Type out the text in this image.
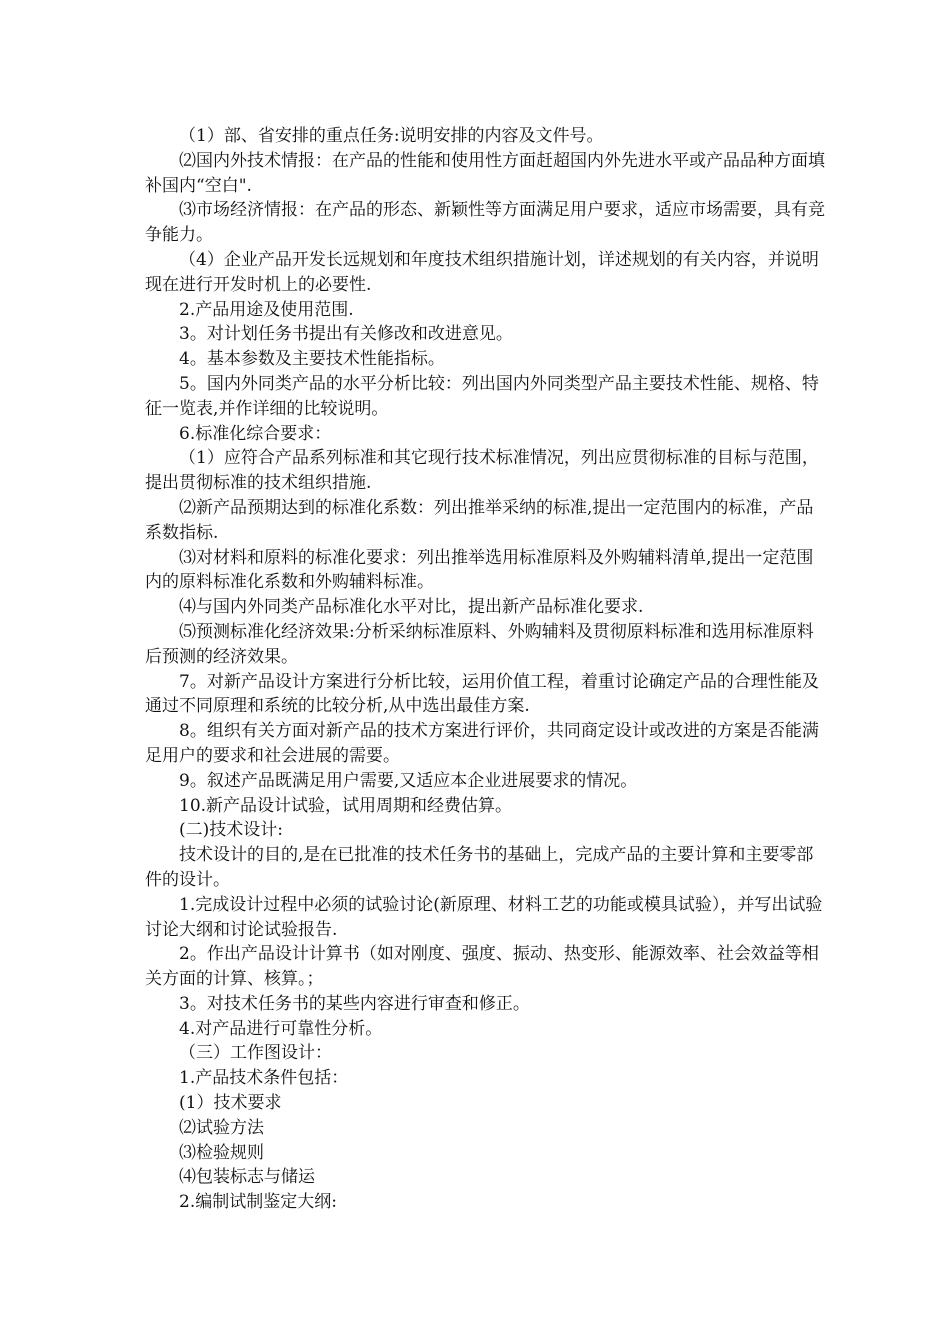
（1）部、省安排的重点任务:说明安排的内容及文件号。

⑵国内外技术情报：在产品的性能和使用性方面赶超国内外先进水平或产品品种方面填补国内“空白".

⑶市场经济情报：在产品的形态、新颖性等方面满足用户要求，适应市场需要，具有竞争能力。

（4）企业产品开发长远规划和年度技术组织措施计划，详述规划的有关内容，并说明现在进行开发时机上的必要性.

2.产品用途及使用范围.

3。对计划任务书提出有关修改和改进意见。

4。基本参数及主要技术性能指标。

5。国内外同类产品的水平分析比较：列出国内外同类型产品主要技术性能、规格、特征一览表,并作详细的比较说明。

6.标准化综合要求：

（1）应符合产品系列标准和其它现行技术标准情况，列出应贯彻标准的目标与范围，提出贯彻标准的技术组织措施.

⑵新产品预期达到的标准化系数：列出推举采纳的标准,提出一定范围内的标准，产品系数指标.

⑶对材料和原料的标准化要求：列出推举选用标准原料及外购辅料清单,提出一定范围内的原料标准化系数和外购辅料标准。

⑷与国内外同类产品标准化水平对比，提出新产品标准化要求.

⑸预测标准化经济效果:分析采纳标准原料、外购辅料及贯彻原料标准和选用标准原料后预测的经济效果。

7。对新产品设计方案进行分析比较，运用价值工程，着重讨论确定产品的合理性能及通过不同原理和系统的比较分析,从中选出最佳方案.

8。组织有关方面对新产品的技术方案进行评价，共同商定设计或改进的方案是否能满足用户的要求和社会进展的需要。

9。叙述产品既满足用户需要,又适应本企业进展要求的情况。

10.新产品设计试验，试用周期和经费估算。

(二)技术设计:

技术设计的目的,是在已批准的技术任务书的基础上，完成产品的主要计算和主要零部件的设计。

1.完成设计过程中必须的试验讨论(新原理、材料工艺的功能或模具试验），并写出试验讨论大纲和讨论试验报告.

2。作出产品设计计算书（如对刚度、强度、振动、热变形、能源效率、社会效益等相关方面的计算、核算。；

3。对技术任务书的某些内容进行审查和修正。

4.对产品进行可靠性分析。

（三）工作图设计：

1.产品技术条件包括：

(1）技术要求

⑵试验方法

⑶检验规则

⑷包装标志与储运

2.编制试制鉴定大纲:
